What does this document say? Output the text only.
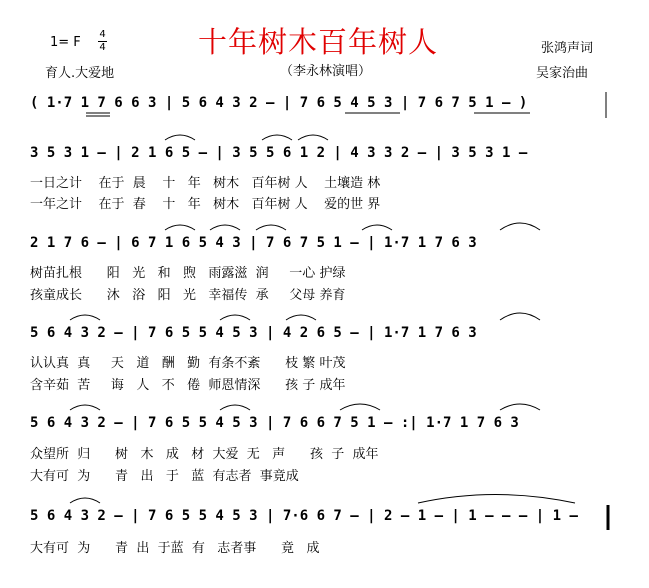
十年树木百年树人
1= F
4
4
育人.大爱地	（李永林演唱）
张鸿声词
吴家治曲
( 1·7 1 7 6 6 3 | 5 6 4 3 2 – | 7 6 5 4 5 3 | 7 6 7 5 1 – )
3 5 3 1 – | 2 1 6 5 – | 3 5 5 6 1 2 | 4 3 3 2 – | 3 5 3 1 –
一日之计    在于  晨    十   年   树木   百年树 人    土壤造 林
一年之计    在于  春    十   年   树木   百年树 人    爱的世 界
2 1 7 6 – | 6 7 1 6 5 4 3 | 7 6 7 5 1 – | 1·7 1 7 6 3
树苗扎根      阳   光   和   煦   雨露滋  润     一心 护绿
孩童成长      沐   浴   阳   光   幸福传  承     父母 养育
5 6 4 3 2 – | 7 6 5 5 4 5 3 | 4 2 6 5 – | 1·7 1 7 6 3
认认真  真     天   道   酬   勤  有条不紊      枝 繁 叶茂
含辛茹  苦     诲   人   不   倦  师恩情深      孩 子 成年
5 6 4 3 2 – | 7 6 5 5 4 5 3 | 7 6 6 7 5 1 – :| 1·7 1 7 6 3
众望所  归      树   木   成   材  大爱  无   声      孩  子  成年
大有可  为      青   出   于   蓝  有志者  事竟成
5 6 4 3 2 – | 7 6 5 5 4 5 3 | 7·6 6 7 – | 2 – 1 – | 1 – – – | 1 –
大有可  为      青  出  于蓝  有   志者事      竟   成
